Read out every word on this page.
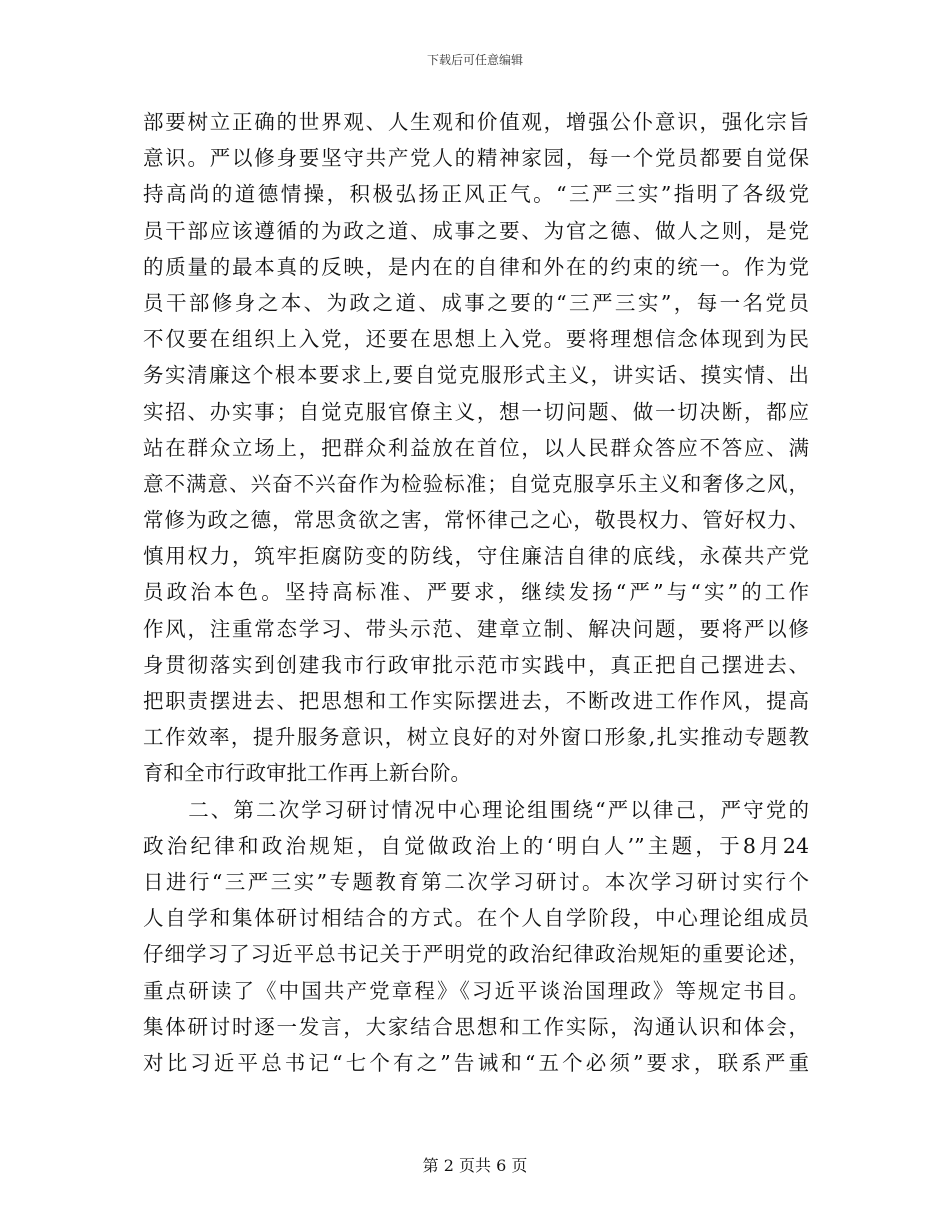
下载后可任意编辑
部要树立正确的世界观、人生观和价值观，增强公仆意识，强化宗旨
意识。严以修身要坚守共产党人的精神家园，每一个党员都要自觉保
持高尚的道德情操，积极弘扬正风正气。“三严三实”指明了各级党
员干部应该遵循的为政之道、成事之要、为官之德、做人之则，是党
的质量的最本真的反映，是内在的自律和外在的约束的统一。作为党
员干部修身之本、为政之道、成事之要的“三严三实”，每一名党员
不仅要在组织上入党，还要在思想上入党。要将理想信念体现到为民
务实清廉这个根本要求上,要自觉克服形式主义，讲实话、摸实情、出
实招、办实事；自觉克服官僚主义，想一切问题、做一切决断，都应
站在群众立场上，把群众利益放在首位，以人民群众答应不答应、满
意不满意、兴奋不兴奋作为检验标准；自觉克服享乐主义和奢侈之风，
常修为政之德，常思贪欲之害，常怀律己之心，敬畏权力、管好权力、
慎用权力，筑牢拒腐防变的防线，守住廉洁自律的底线，永葆共产党
员政治本色。坚持高标准、严要求，继续发扬“严”与“实”的工作
作风，注重常态学习、带头示范、建章立制、解决问题，要将严以修
身贯彻落实到创建我市行政审批示范市实践中，真正把自己摆进去、
把职责摆进去、把思想和工作实际摆进去，不断改进工作作风，提高
工作效率，提升服务意识，树立良好的对外窗口形象,扎实推动专题教
育和全市行政审批工作再上新台阶。
　　二、第二次学习研讨情况中心理论组围绕“严以律己，严守党的
政治纪律和政治规矩，自觉做政治上的‘明白人’”主题，于8月24
日进行“三严三实”专题教育第二次学习研讨。本次学习研讨实行个
人自学和集体研讨相结合的方式。在个人自学阶段，中心理论组成员
仔细学习了习近平总书记关于严明党的政治纪律政治规矩的重要论述，
重点研读了《中国共产党章程》《习近平谈治国理政》等规定书目。
集体研讨时逐一发言，大家结合思想和工作实际，沟通认识和体会，
对比习近平总书记“七个有之”告诫和“五个必须”要求，联系严重
第 2 页共 6 页
